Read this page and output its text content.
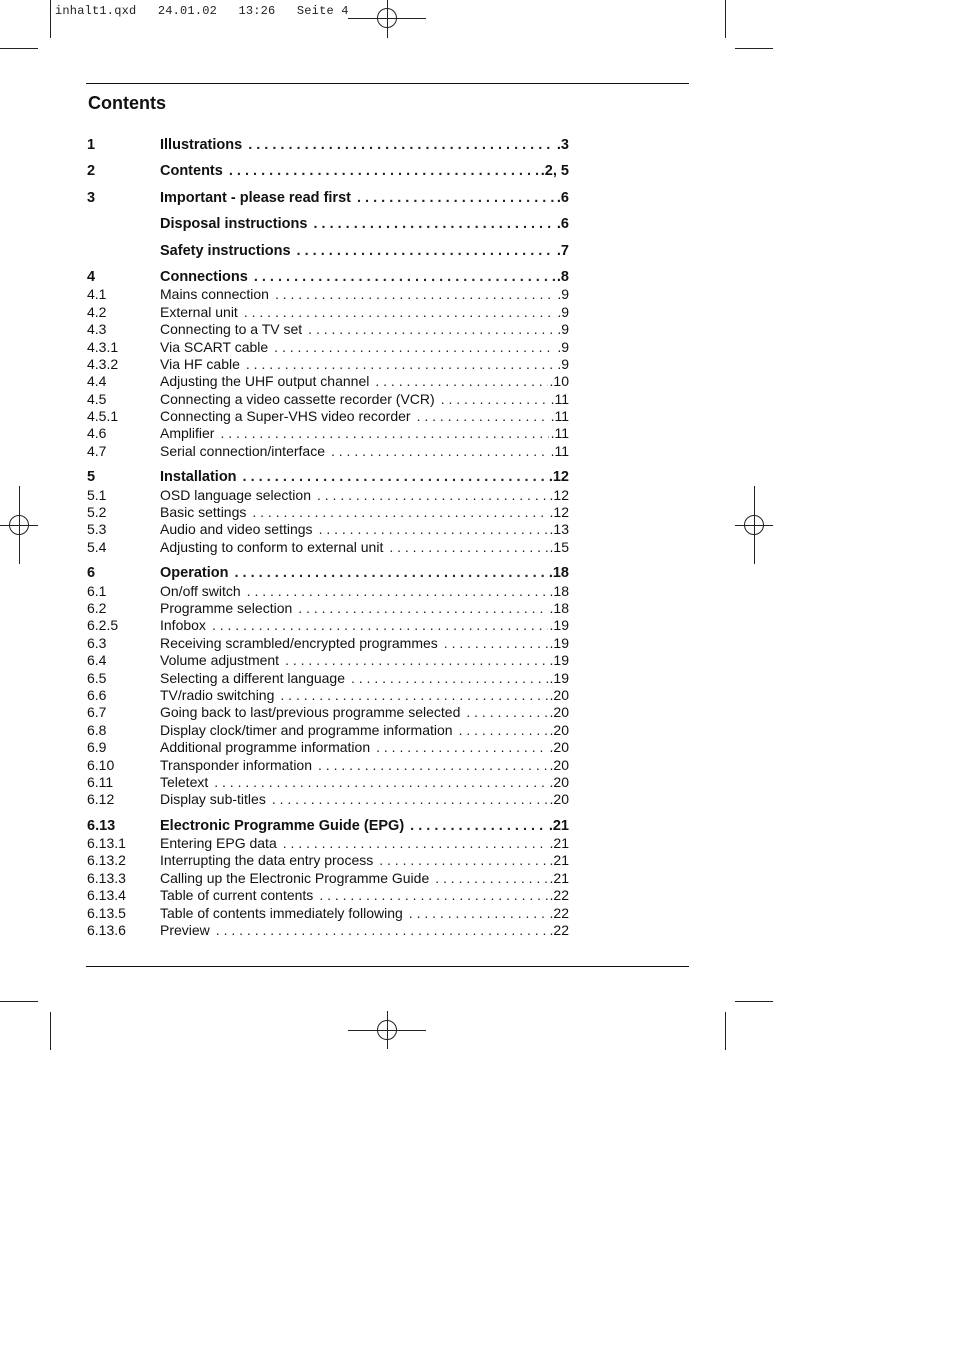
inhalt1.qxd 24.01.02 13:26 Seite 4
Contents
1	Illustrations . . .	.3
2	Contents . . .	.2, 5
3	Important - please read first . . .	.6
Disposal instructions . . .	.6
Safety instructions . . .	.7
4	Connections . . .	.8
4.1	Mains connection . . .	.9
4.2	External unit . . .	.9
4.3	Connecting to a TV set . . .	.9
4.3.1	Via SCART cable . . .	.9
4.3.2	Via HF cable . . .	.9
4.4	Adjusting the UHF output channel . . .	.10
4.5	Connecting a video cassette recorder (VCR) . . .	.11
4.5.1	Connecting a Super-VHS video recorder . . .	.11
4.6	Amplifier . . .	.11
4.7	Serial connection/interface . . .	.11
5	Installation . . .	.12
5.1	OSD language selection . . .	.12
5.2	Basic settings . . .	.12
5.3	Audio and video settings . . .	.13
5.4	Adjusting to conform to external unit . . .	.15
6	Operation . . .	.18
6.1	On/off switch . . .	.18
6.2	Programme selection . . .	.18
6.2.5	Infobox . . .	.19
6.3	Receiving scrambled/encrypted programmes . . .	.19
6.4	Volume adjustment . . .	.19
6.5	Selecting a different language . . .	.19
6.6	TV/radio switching . . .	.20
6.7	Going back to last/previous programme selected . . .	.20
6.8	Display clock/timer and programme information . . .	.20
6.9	Additional programme information . . .	.20
6.10	Transponder information . . .	.20
6.11	Teletext . . .	.20
6.12	Display sub-titles . . .	.20
6.13	Electronic Programme Guide (EPG) . . .	.21
6.13.1	Entering EPG data . . .	.21
6.13.2	Interrupting the data entry process . . .	.21
6.13.3	Calling up the Electronic Programme Guide . . .	.21
6.13.4	Table of current contents . . .	.22
6.13.5	Table of contents immediately following . . .	.22
6.13.6	Preview . . .	.22
